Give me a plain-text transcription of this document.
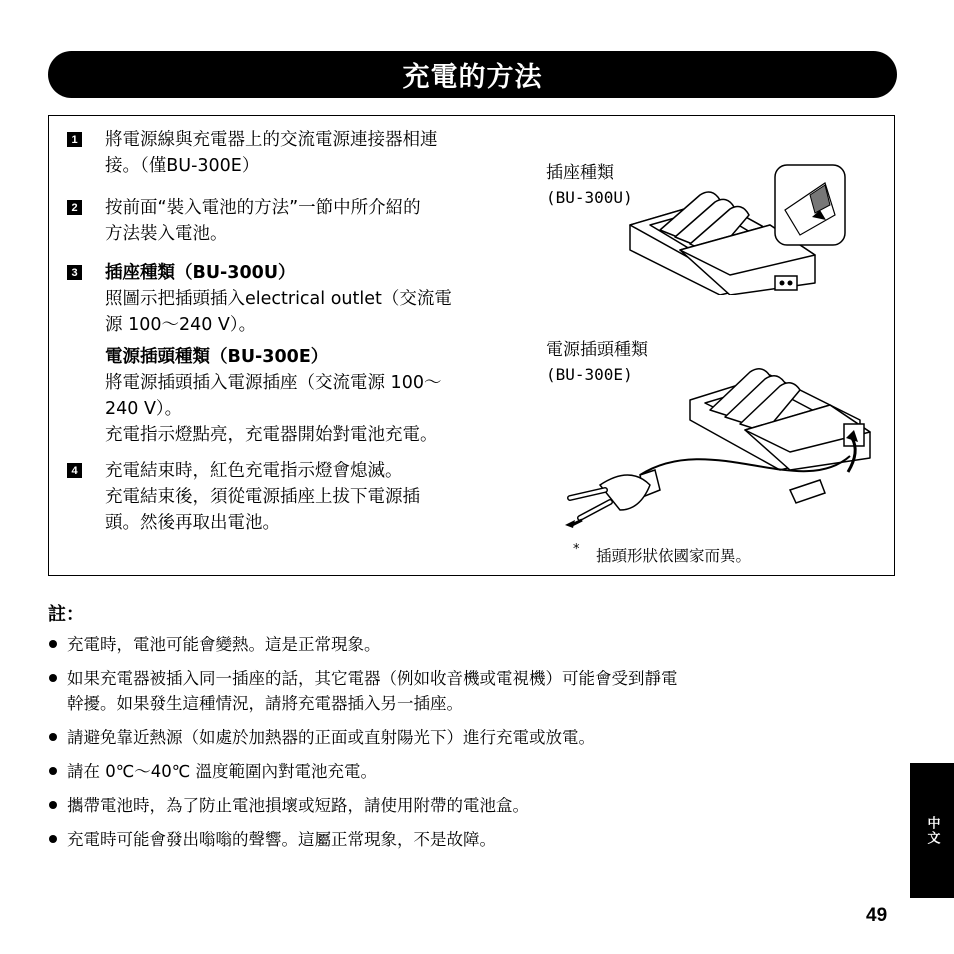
充電的方法
1 將電源線與充電器上的交流電源連接器相連
接。（僅BU-300E）
2 按前面“裝入電池的方法”一節中所介紹的
方法裝入電池。
3 插座種類（BU-300U）
照圖示把插頭插入electrical outlet（交流電
源 100〜240 V）。
電源插頭種類（BU-300E）
將電源插頭插入電源插座（交流電源 100〜
240 V）。
充電指示燈點亮，充電器開始對電池充電。
4 充電結束時，紅色充電指示燈會熄滅。
充電結束後，須從電源插座上拔下電源插
頭。然後再取出電池。
插座種類
(BU-300U)
電源插頭種類
(BU-300E)
* 插頭形狀依國家而異。
註：
充電時，電池可能會變熱。這是正常現象。
如果充電器被插入同一插座的話，其它電器（例如收音機或電視機）可能會受到靜電
幹擾。如果發生這種情況，請將充電器插入另一插座。
請避免靠近熱源（如處於加熱器的正面或直射陽光下）進行充電或放電。
請在 0℃〜40℃ 溫度範圍內對電池充電。
攜帶電池時，為了防止電池損壞或短路，請使用附帶的電池盒。
充電時可能會發出嗡嗡的聲響。這屬正常現象，不是故障。	中文
49
